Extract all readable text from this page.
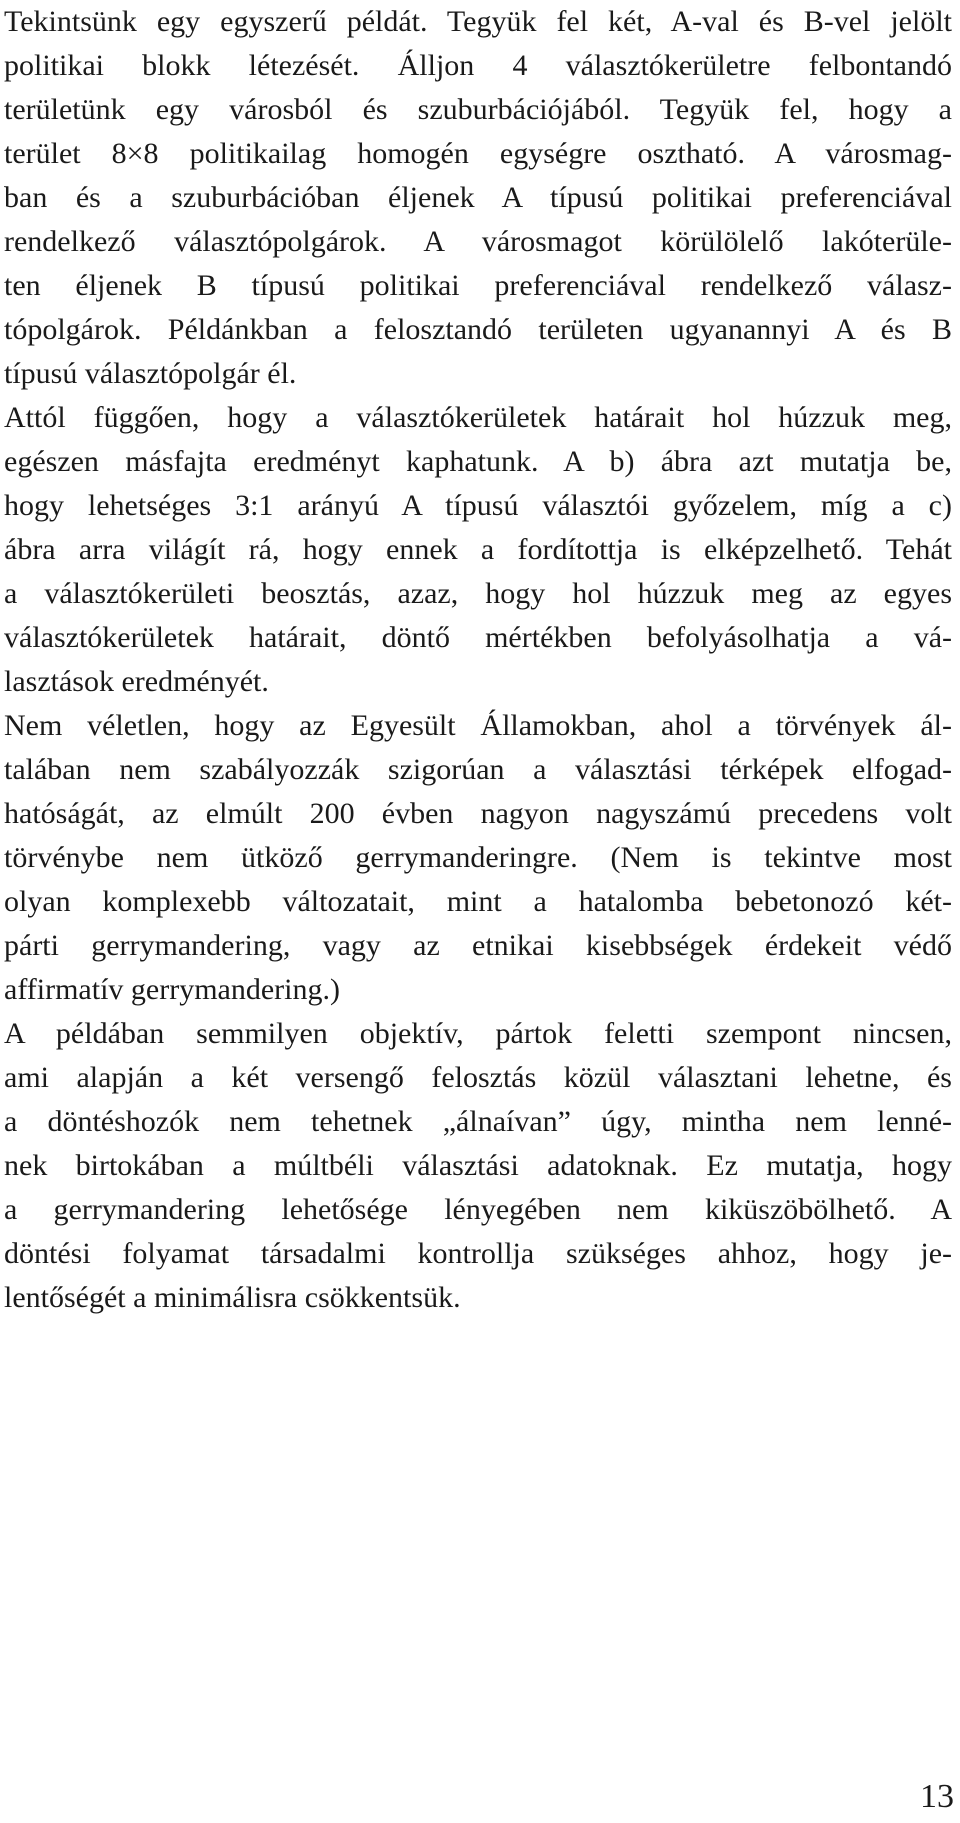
Tekintsünk egy egyszerű példát. Tegyük fel két, A-val és B-vel jelölt
politikai blokk létezését. Álljon 4 választókerületre felbontandó
területünk egy városból és szuburbációjából. Tegyük fel, hogy a
terület 8×8 politikailag homogén egységre osztható. A városmag-
ban és a szuburbációban éljenek A típusú politikai preferenciával
rendelkező választópolgárok. A városmagot körülölelő lakóterüle-
ten éljenek B típusú politikai preferenciával rendelkező válasz-
tópolgárok. Példánkban a felosztandó területen ugyanannyi A és B
típusú választópolgár él.
Attól függően, hogy a választókerületek határait hol húzzuk meg,
egészen másfajta eredményt kaphatunk. A b) ábra azt mutatja be,
hogy lehetséges 3:1 arányú A típusú választói győzelem, míg a c)
ábra arra világít rá, hogy ennek a fordítottja is elképzelhető. Tehát
a választókerületi beosztás, azaz, hogy hol húzzuk meg az egyes
választókerületek határait, döntő mértékben befolyásolhatja a vá-
lasztások eredményét.
Nem véletlen, hogy az Egyesült Államokban, ahol a törvények ál-
talában nem szabályozzák szigorúan a választási térképek elfogad-
hatóságát, az elmúlt 200 évben nagyon nagyszámú precedens volt
törvénybe nem ütköző gerrymanderingre. (Nem is tekintve most
olyan komplexebb változatait, mint a hatalomba bebetonozó két-
párti gerrymandering, vagy az etnikai kisebbségek érdekeit védő
affirmatív gerrymandering.)
A példában semmilyen objektív, pártok feletti szempont nincsen,
ami alapján a két versengő felosztás közül választani lehetne, és
a döntéshozók nem tehetnek „álnaívan” úgy, mintha nem lenné-
nek birtokában a múltbéli választási adatoknak. Ez mutatja, hogy
a gerrymandering lehetősége lényegében nem kiküszöbölhető. A
döntési folyamat társadalmi kontrollja szükséges ahhoz, hogy je-
lentőségét a minimálisra csökkentsük.
13
